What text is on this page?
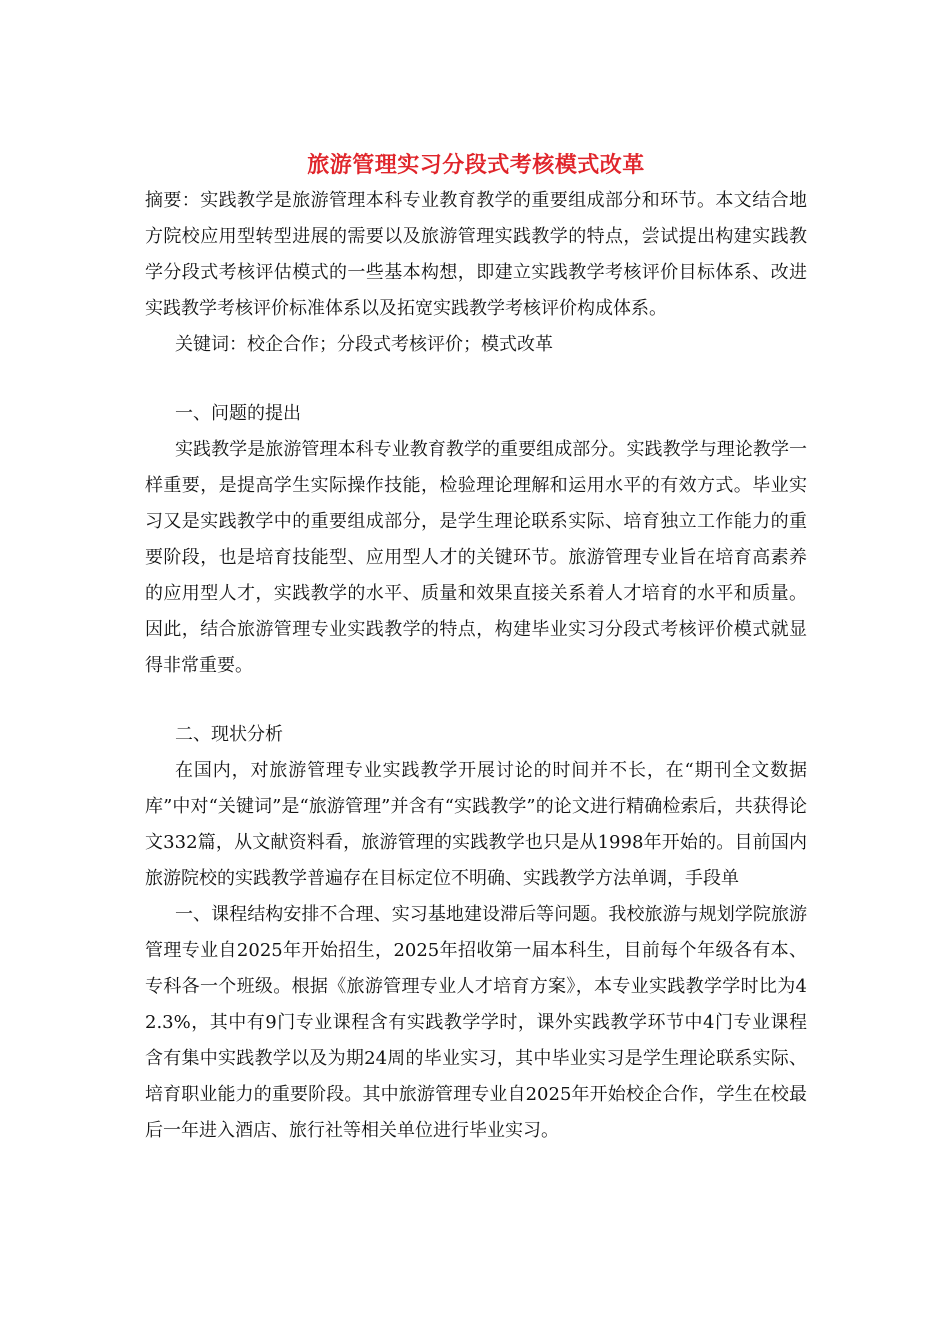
旅游管理实习分段式考核模式改革

摘要：实践教学是旅游管理本科专业教育教学的重要组成部分和环节。本文结合地方院校应用型转型进展的需要以及旅游管理实践教学的特点，尝试提出构建实践教学分段式考核评估模式的一些基本构想，即建立实践教学考核评价目标体系、改进实践教学考核评价标准体系以及拓宽实践教学考核评价构成体系。

关键词：校企合作；分段式考核评价；模式改革

一、问题的提出

实践教学是旅游管理本科专业教育教学的重要组成部分。实践教学与理论教学一样重要，是提高学生实际操作技能，检验理论理解和运用水平的有效方式。毕业实习又是实践教学中的重要组成部分，是学生理论联系实际、培育独立工作能力的重要阶段，也是培育技能型、应用型人才的关键环节。旅游管理专业旨在培育高素养的应用型人才，实践教学的水平、质量和效果直接关系着人才培育的水平和质量。因此，结合旅游管理专业实践教学的特点，构建毕业实习分段式考核评价模式就显得非常重要。

二、现状分析

在国内，对旅游管理专业实践教学开展讨论的时间并不长，在“期刊全文数据库”中对“关键词”是“旅游管理”并含有“实践教学”的论文进行精确检索后，共获得论文332篇，从文献资料看，旅游管理的实践教学也只是从1998年开始的。目前国内旅游院校的实践教学普遍存在目标定位不明确、实践教学方法单调，手段单

一、课程结构安排不合理、实习基地建设滞后等问题。我校旅游与规划学院旅游管理专业自2025年开始招生，2025年招收第一届本科生，目前每个年级各有本、专科各一个班级。根据《旅游管理专业人才培育方案》，本专业实践教学学时比为42.3%，其中有9门专业课程含有实践教学学时，课外实践教学环节中4门专业课程含有集中实践教学以及为期24周的毕业实习，其中毕业实习是学生理论联系实际、培育职业能力的重要阶段。其中旅游管理专业自2025年开始校企合作，学生在校最后一年进入酒店、旅行社等相关单位进行毕业实习。
